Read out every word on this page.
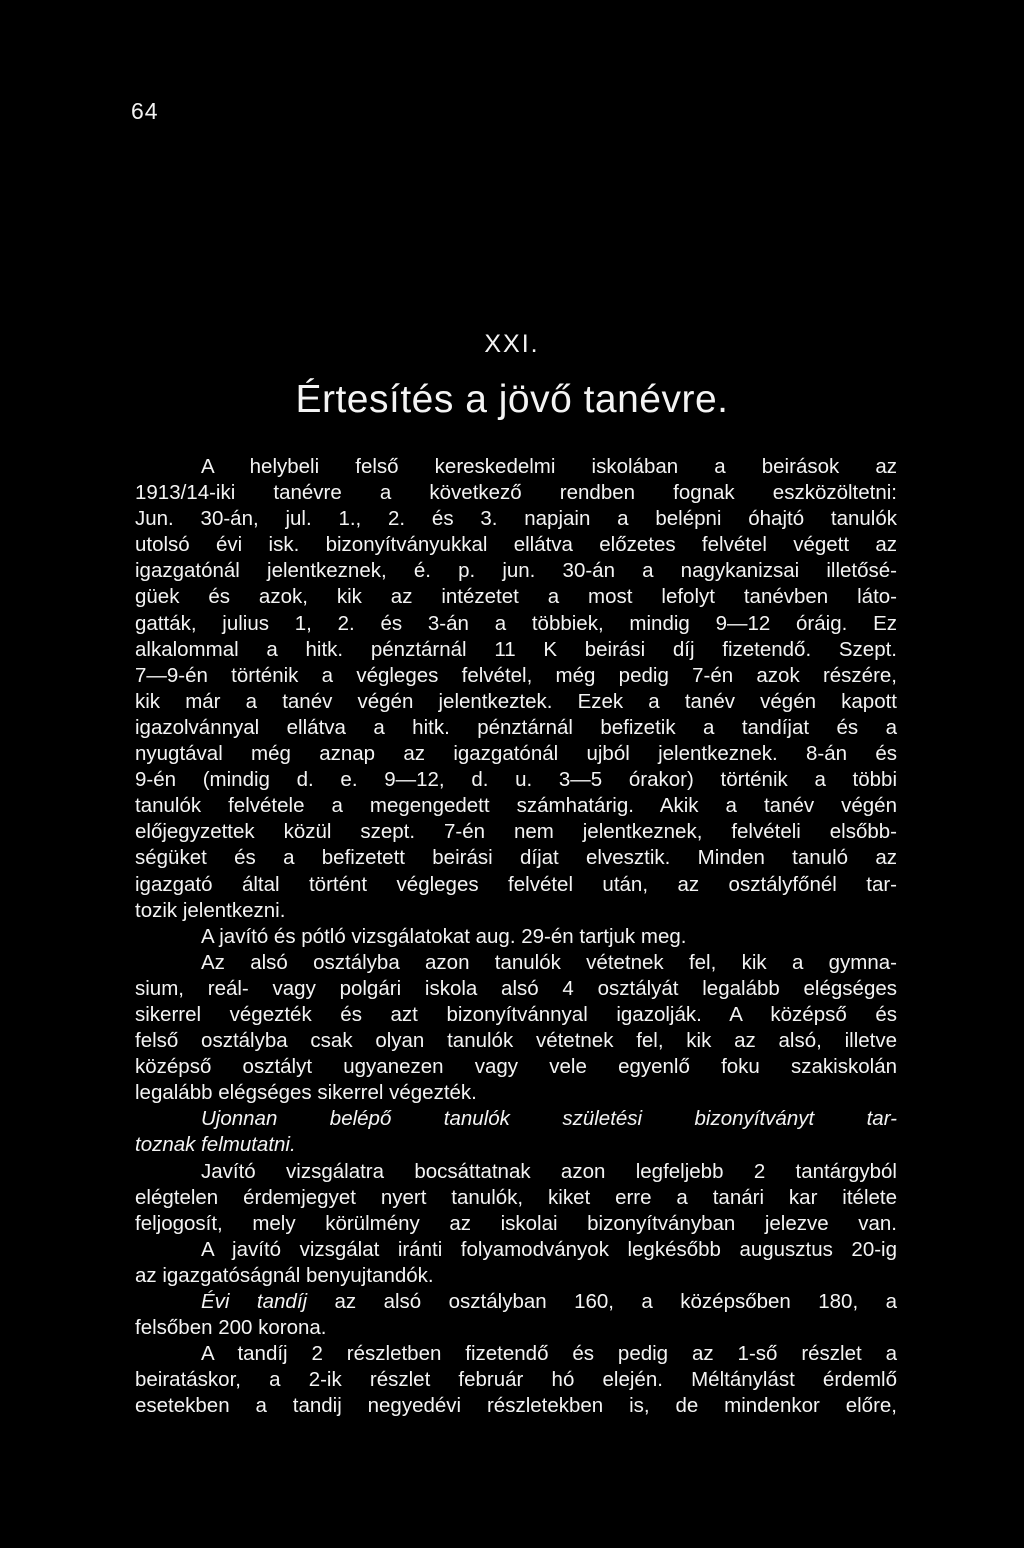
64
XXI.
Értesítés a jövő tanévre.
A helybeli felső kereskedelmi iskolában a beirások az
1913/14-iki tanévre a következő rendben fognak eszközöltetni:
Jun. 30-án, jul. 1., 2. és 3. napjain a belépni óhajtó tanulók
utolsó évi isk. bizonyítványukkal ellátva előzetes felvétel végett az
igazgatónál jelentkeznek, é. p. jun. 30-án a nagykanizsai illetősé-
güek és azok, kik az intézetet a most lefolyt tanévben láto-
gatták, julius 1, 2. és 3-án a többiek, mindig 9—12 óráig. Ez
alkalommal a hitk. pénztárnál 11 K beirási díj fizetendő. Szept.
7—9-én történik a végleges felvétel, még pedig 7-én azok részére,
kik már a tanév végén jelentkeztek. Ezek a tanév végén kapott
igazolvánnyal ellátva a hitk. pénztárnál befizetik a tandíjat és a
nyugtával még aznap az igazgatónál ujból jelentkeznek. 8-án és
9-én (mindig d. e. 9—12, d. u. 3—5 órakor) történik a többi
tanulók felvétele a megengedett számhatárig. Akik a tanév végén
előjegyzettek közül szept. 7-én nem jelentkeznek, felvételi elsőbb-
ségüket és a befizetett beirási díjat elvesztik. Minden tanuló az
igazgató által történt végleges felvétel után, az osztályfőnél tar-
tozik jelentkezni.
A javító és pótló vizsgálatokat aug. 29-én tartjuk meg.
Az alsó osztályba azon tanulók vétetnek fel, kik a gymna-
sium, reál- vagy polgári iskola alsó 4 osztályát legalább elégséges
sikerrel végezték és azt bizonyítvánnyal igazolják. A középső és
felső osztályba csak olyan tanulók vétetnek fel, kik az alsó, illetve
középső osztályt ugyanezen vagy vele egyenlő foku szakiskolán
legalább elégséges sikerrel végezték.
Ujonnan belépő tanulók születési bizonyítványt tar-
toznak felmutatni.
Javító vizsgálatra bocsáttatnak azon legfeljebb 2 tantárgyból
elégtelen érdemjegyet nyert tanulók, kiket erre a tanári kar itélete
feljogosít, mely körülmény az iskolai bizonyítványban jelezve van.
A javító vizsgálat iránti folyamodványok legkésőbb augusztus 20-ig
az igazgatóságnál benyujtandók.
Évi tandíj az alsó osztályban 160, a középsőben 180, a
felsőben 200 korona.
A tandíj 2 részletben fizetendő és pedig az 1-ső részlet a
beiratáskor, a 2-ik részlet február hó elején. Méltánylást érdemlő
esetekben a tandij negyedévi részletekben is, de mindenkor előre,
